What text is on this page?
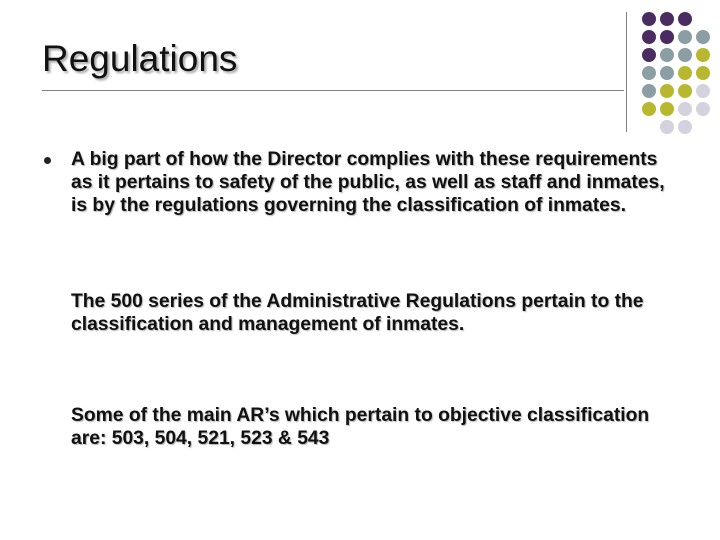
Regulations

A big part of how the Director complies with these requirements as it pertains to safety of the public, as well as staff and inmates, is by the regulations governing the classification of inmates.

The 500 series of the Administrative Regulations pertain to the classification and management of inmates.

Some of the main AR’s which pertain to objective classification are: 503, 504, 521, 523 & 543
